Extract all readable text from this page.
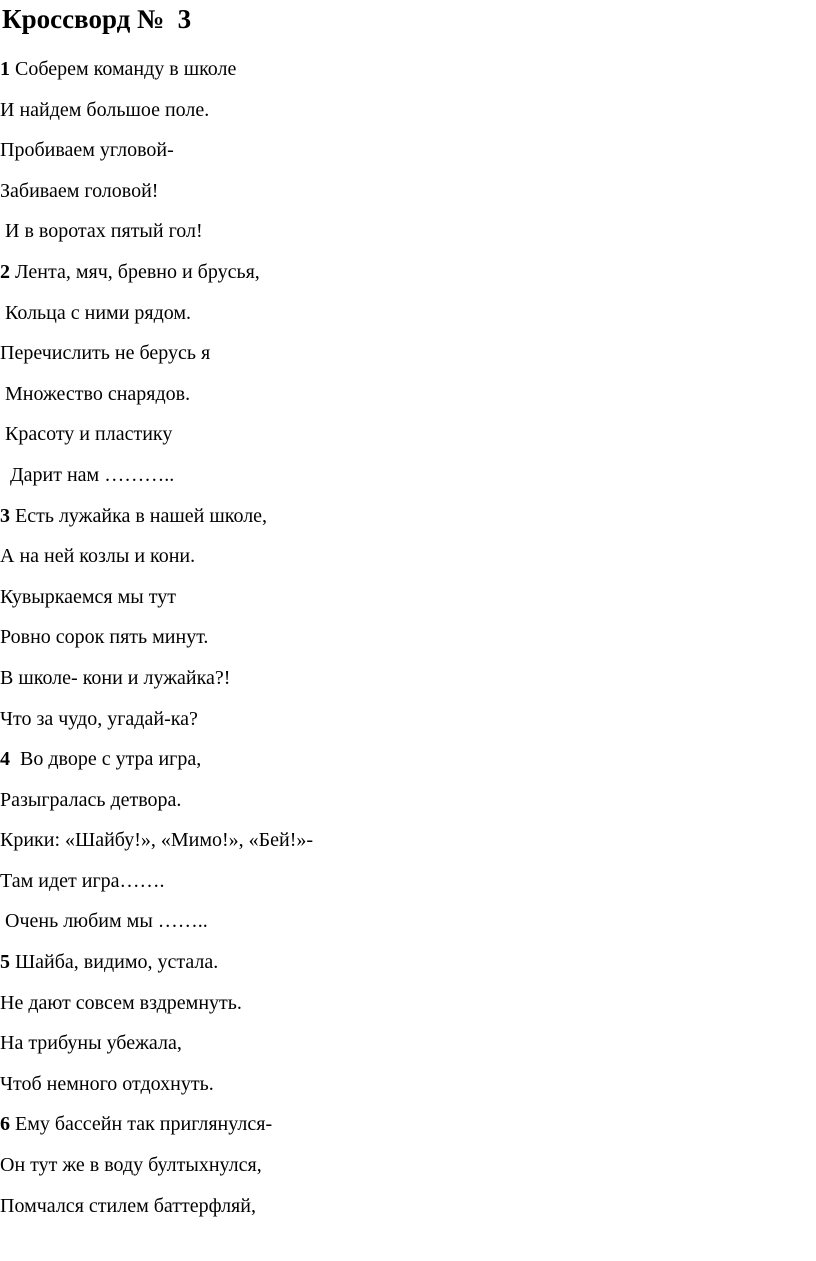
Кроссворд №  3
1 Соберем команду в школе
И найдем большое поле.
Пробиваем угловой-
Забиваем головой!
И в воротах пятый гол!
2 Лента, мяч, бревно и брусья,
Кольца с ними рядом.
Перечислить не берусь я
Множество снарядов.
Красоту и пластику
Дарит нам ………..
3 Есть лужайка в нашей школе,
А на ней козлы и кони.
Кувыркаемся мы тут
Ровно сорок пять минут.
В школе- кони и лужайка?!
Что за чудо, угадай-ка?
4  Во дворе с утра игра,
Разыгралась детвора.
Крики: «Шайбу!», «Мимо!», «Бей!»-
Там идет игра…….
Очень любим мы ……..
5 Шайба, видимо, устала.
Не дают совсем вздремнуть.
На трибуны убежала,
Чтоб немного отдохнуть.
6 Ему бассейн так приглянулся-
Он тут же в воду бултыхнулся,
Помчался стилем баттерфляй,
